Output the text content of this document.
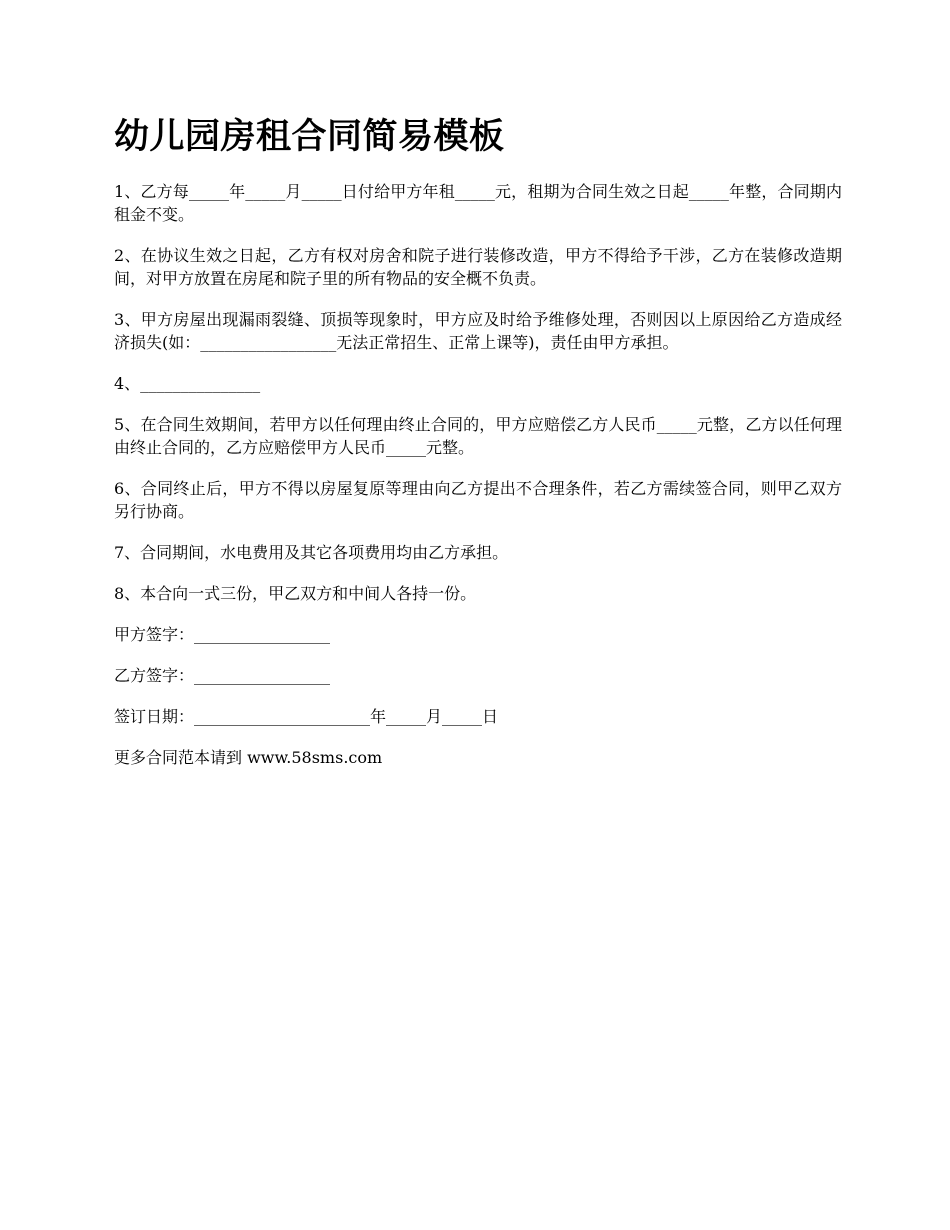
幼儿园房租合同简易模板

1、乙方每_____年_____月_____日付给甲方年租_____元，租期为合同生效之日起_____年整，合同期内租金不变。

2、在协议生效之日起，乙方有权对房舍和院子进行装修改造，甲方不得给予干涉，乙方在装修改造期间，对甲方放置在房尾和院子里的所有物品的安全概不负责。

3、甲方房屋出现漏雨裂缝、顶损等现象时，甲方应及时给予维修处理，否则因以上原因给乙方造成经济损失(如：_________________无法正常招生、正常上课等)，责任由甲方承担。

4、_______________

5、在合同生效期间，若甲方以任何理由终止合同的，甲方应赔偿乙方人民币_____元整，乙方以任何理由终止合同的，乙方应赔偿甲方人民币_____元整。

6、合同终止后，甲方不得以房屋复原等理由向乙方提出不合理条件，若乙方需续签合同，则甲乙双方另行协商。

7、合同期间，水电费用及其它各项费用均由乙方承担。

8、本合向一式三份，甲乙双方和中间人各持一份。

甲方签字：_________________

乙方签字：_________________

签订日期：______________________年_____月_____日

更多合同范本请到 www.58sms.com
